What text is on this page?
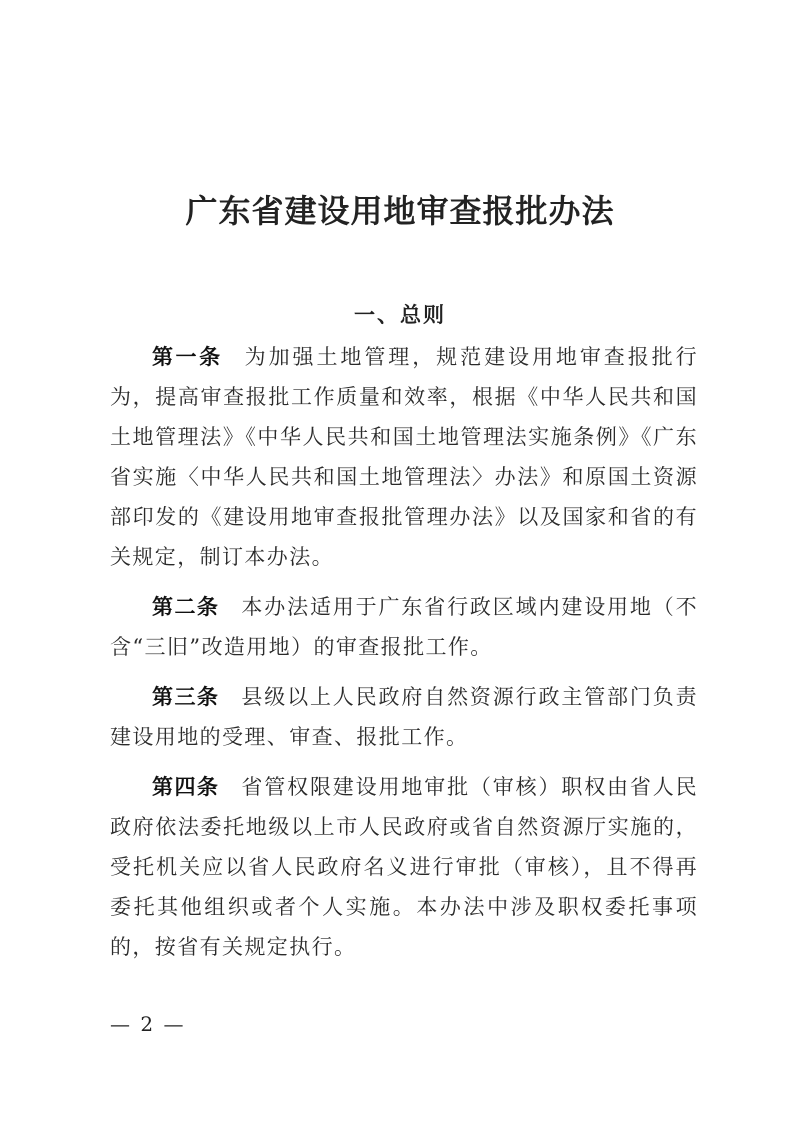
广东省建设用地审查报批办法
一、总则

第一条 为加强土地管理，规范建设用地审查报批行为，提高审查报批工作质量和效率，根据《中华人民共和国土地管理法》《中华人民共和国土地管理法实施条例》《广东省实施〈中华人民共和国土地管理法〉办法》和原国土资源部印发的《建设用地审查报批管理办法》以及国家和省的有关规定，制订本办法。

第二条 本办法适用于广东省行政区域内建设用地（不含“三旧”改造用地）的审查报批工作。

第三条 县级以上人民政府自然资源行政主管部门负责建设用地的受理、审查、报批工作。

第四条 省管权限建设用地审批（审核）职权由省人民政府依法委托地级以上市人民政府或省自然资源厅实施的，受托机关应以省人民政府名义进行审批（审核），且不得再委托其他组织或者个人实施。本办法中涉及职权委托事项的，按省有关规定执行。

— 2 —
